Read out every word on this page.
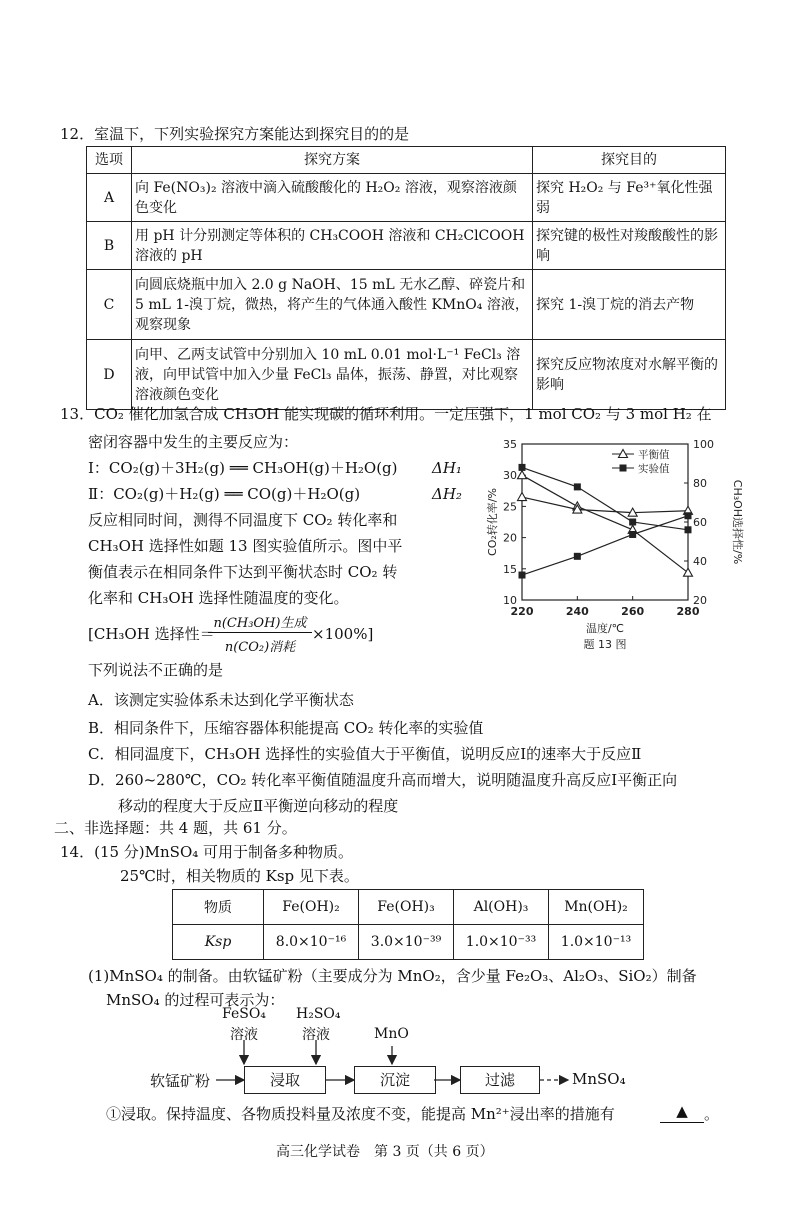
12．室温下，下列实验探究方案能达到探究目的的是
选项	探究方案	探究目的
A	向 Fe(NO₃)₂ 溶液中滴入硫酸酸化的 H₂O₂ 溶液，观察溶液颜色变化	探究 H₂O₂ 与 Fe³⁺氧化性强弱
B	用 pH 计分别测定等体积的 CH₃COOH 溶液和 CH₂ClCOOH 溶液的 pH	探究键的极性对羧酸酸性的影响
C	向圆底烧瓶中加入 2.0 g NaOH、15 mL 无水乙醇、碎瓷片和 5 mL 1-溴丁烷，微热，将产生的气体通入酸性 KMnO₄ 溶液，观察现象	探究 1-溴丁烷的消去产物
D	向甲、乙两支试管中分别加入 10 mL 0.01 mol·L⁻¹ FeCl₃ 溶液，向甲试管中加入少量 FeCl₃ 晶体，振荡、静置，对比观察溶液颜色变化	探究反应物浓度对水解平衡的影响
13．CO₂ 催化加氢合成 CH₃OH 能实现碳的循环利用。一定压强下，1 mol CO₂ 与 3 mol H₂ 在
密闭容器中发生的主要反应为：
Ⅰ：CO₂(g)＋3H₂(g) ══ CH₃OH(g)＋H₂O(g) ΔH₁
Ⅱ：CO₂(g)＋H₂(g) ══ CO(g)＋H₂O(g)	ΔH₂
反应相同时间，测得不同温度下 CO₂ 转化率和
CH₃OH 选择性如题 13 图实验值所示。图中平
衡值表示在相同条件下达到平衡状态时 CO₂ 转
化率和 CH₃OH 选择性随温度的变化。
[CH₃OH 选择性＝
n(CH₃OH)生成
n(CO₂)消耗
×100%]
下列说法不正确的是
A．该测定实验体系未达到化学平衡状态
B．相同条件下，压缩容器体积能提高 CO₂ 转化率的实验值
C．相同温度下，CH₃OH 选择性的实验值大于平衡值，说明反应Ⅰ的速率大于反应Ⅱ
D．260~280℃，CO₂ 转化率平衡值随温度升高而增大，说明随温度升高反应Ⅰ平衡正向
移动的程度大于反应Ⅱ平衡逆向移动的程度
10
15
20
25
30
35
20
40
60
80
100
220	240	260	280
温度/℃
题 13 图
CO₂转化率/%	CH₃OH选择性/%
平衡值
实验值
二、非选择题：共 4 题，共 61 分。
14．(15 分)MnSO₄ 可用于制备多种物质。
25℃时，相关物质的 Ksp 见下表。
物质	Fe(OH)₂	Fe(OH)₃	Al(OH)₃	Mn(OH)₂
Ksp	8.0×10⁻¹⁶	3.0×10⁻³⁹	1.0×10⁻³³	1.0×10⁻¹³
(1)MnSO₄ 的制备。由软锰矿粉（主要成分为 MnO₂，含少量 Fe₂O₃、Al₂O₃、SiO₂）制备
MnSO₄ 的过程可表示为：
FeSO₄
溶液
H₂SO₄
溶液	MnO
软锰矿粉	浸取	沉淀	过滤	MnSO₄
①浸取。保持温度、各物质投料量及浓度不变，能提高 Mn²⁺浸出率的措施有	▲	。
高三化学试卷　第 3 页（共 6 页）
